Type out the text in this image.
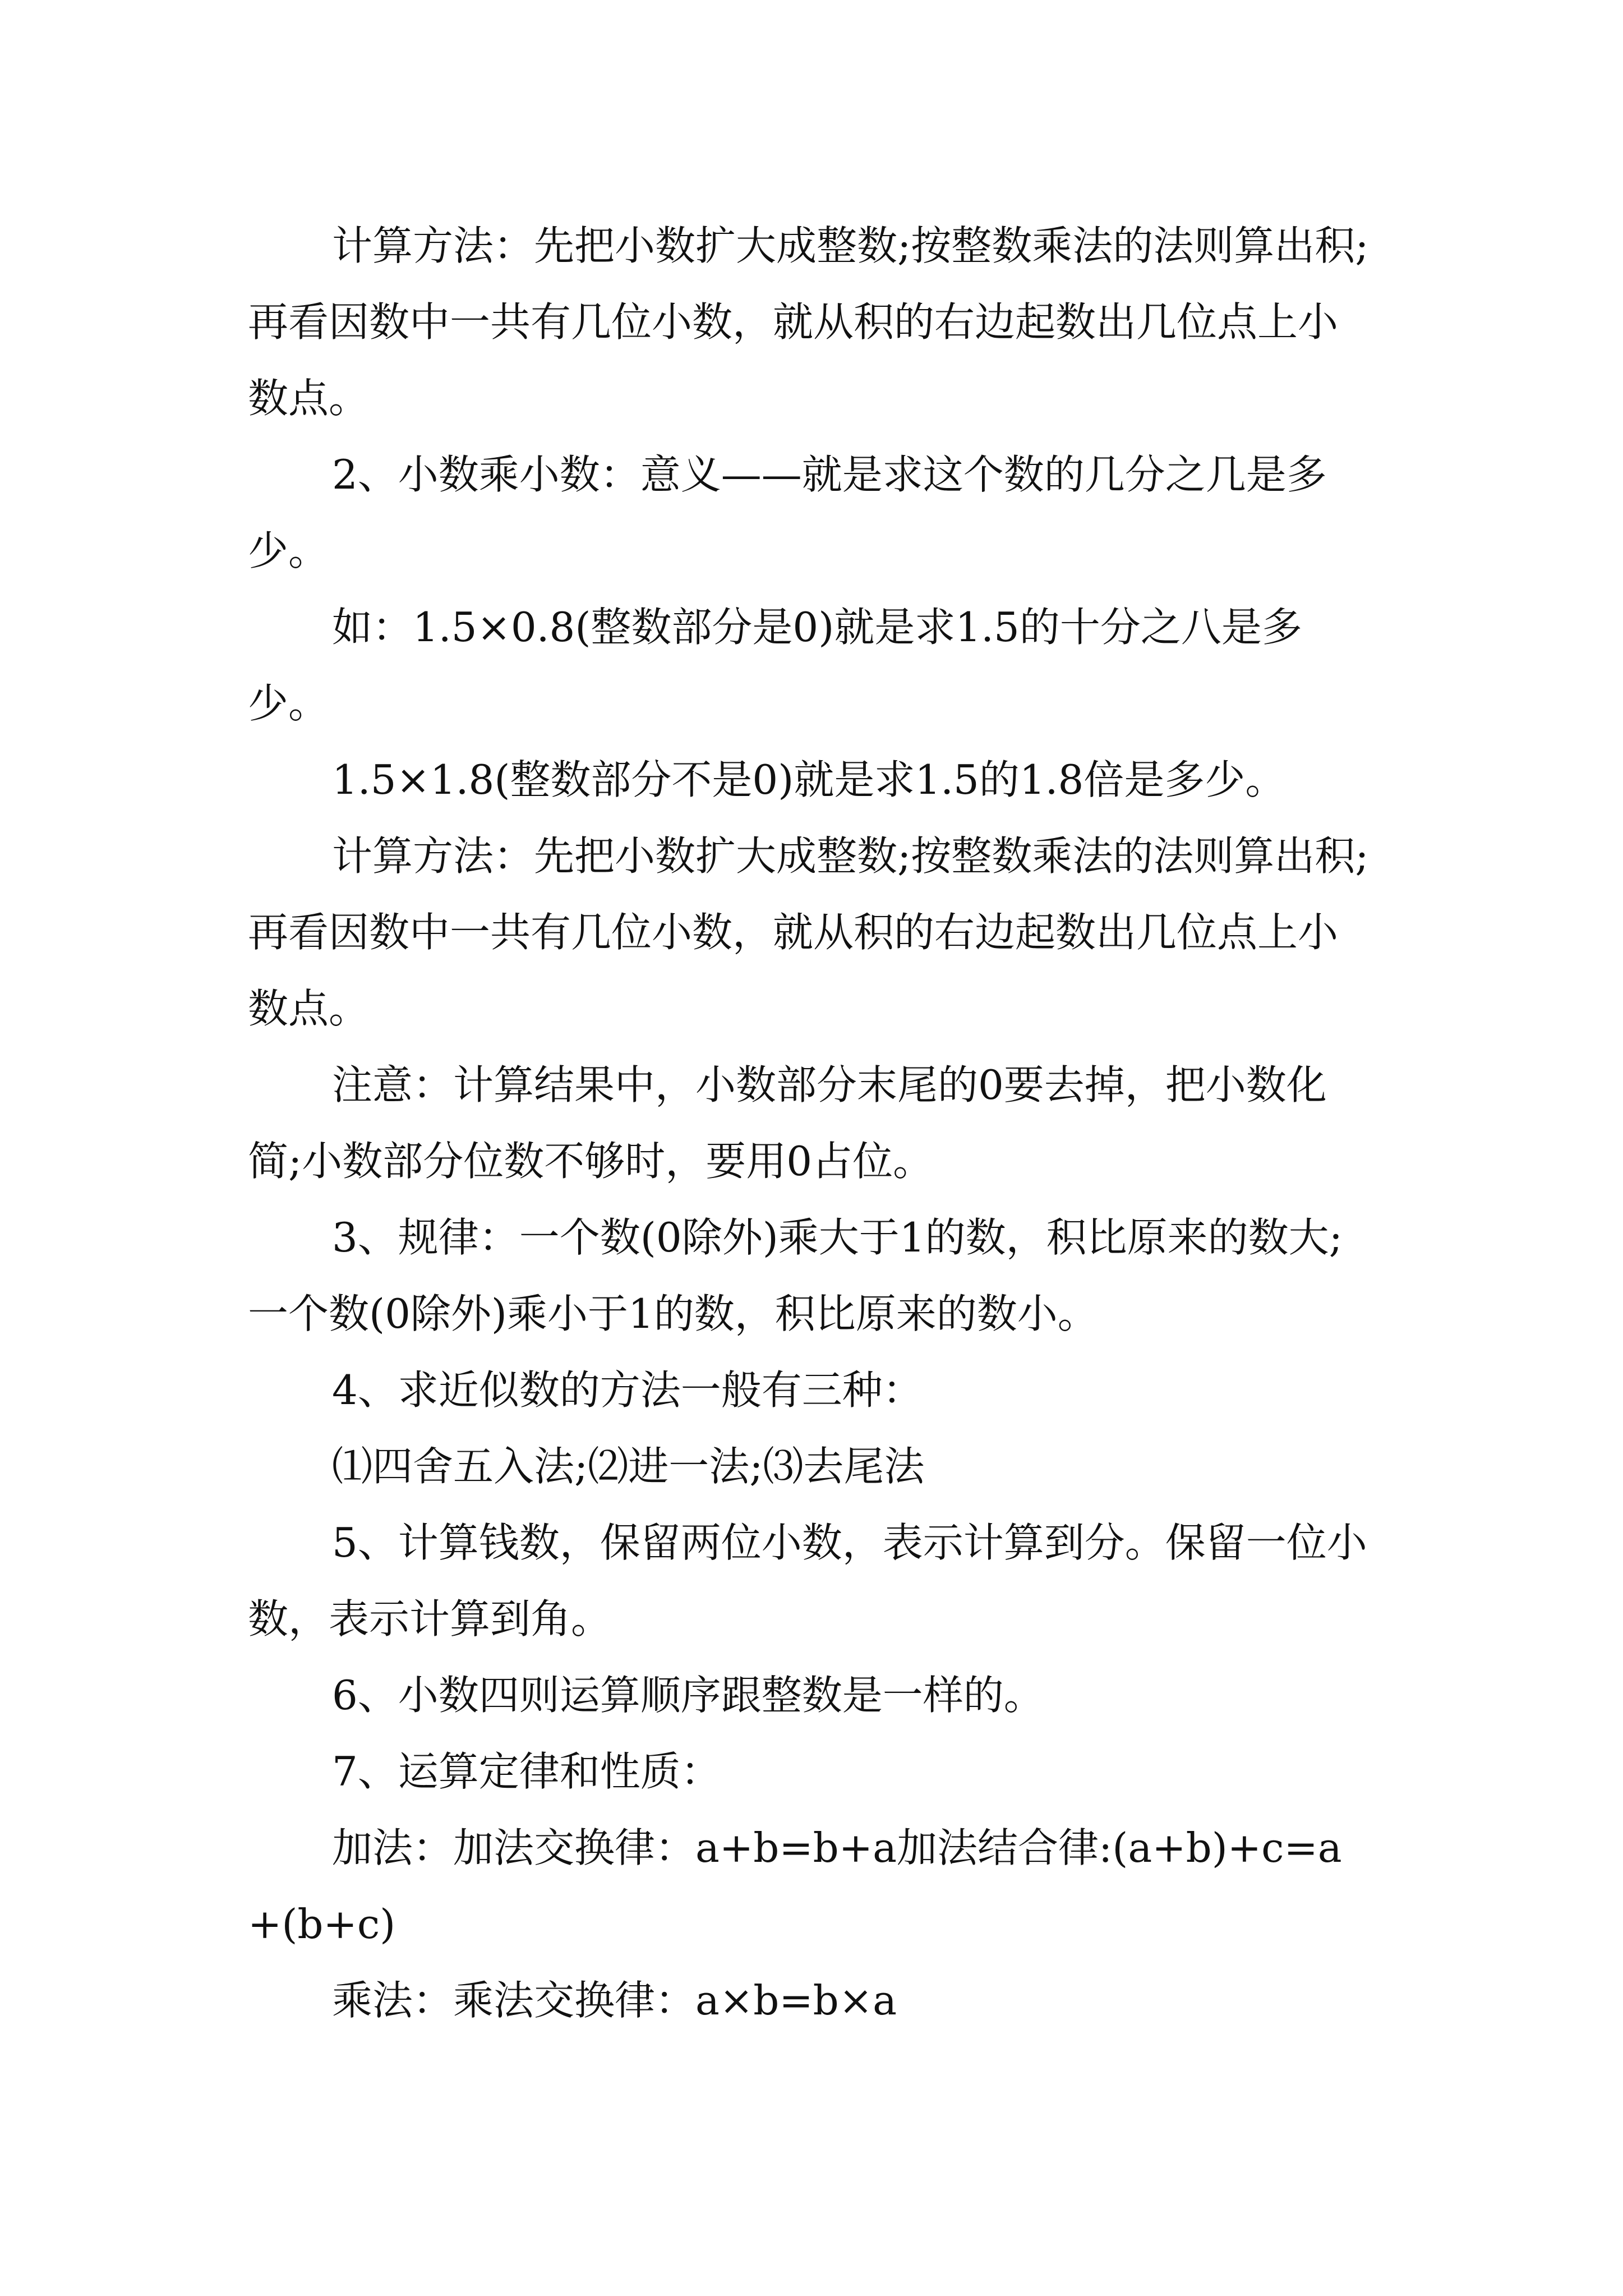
计算方法：先把小数扩大成整数;按整数乘法的法则算出积;再看因数中一共有几位小数，就从积的右边起数出几位点上小数点。

2、小数乘小数：意义——就是求这个数的几分之几是多少。

如：1.5×0.8(整数部分是0)就是求1.5的十分之八是多少。

1.5×1.8(整数部分不是0)就是求1.5的1.8倍是多少。

计算方法：先把小数扩大成整数;按整数乘法的法则算出积;再看因数中一共有几位小数，就从积的右边起数出几位点上小数点。

注意：计算结果中，小数部分末尾的0要去掉，把小数化简;小数部分位数不够时，要用0占位。

3、规律：一个数(0除外)乘大于1的数，积比原来的数大;一个数(0除外)乘小于1的数，积比原来的数小。

4、求近似数的方法一般有三种：

⑴四舍五入法;⑵进一法;⑶去尾法

5、计算钱数，保留两位小数，表示计算到分。保留一位小数，表示计算到角。

6、小数四则运算顺序跟整数是一样的。

7、运算定律和性质：

加法：加法交换律：a+b=b+a加法结合律:(a+b)+c=a+(b+c)

乘法：乘法交换律：a×b=b×a
